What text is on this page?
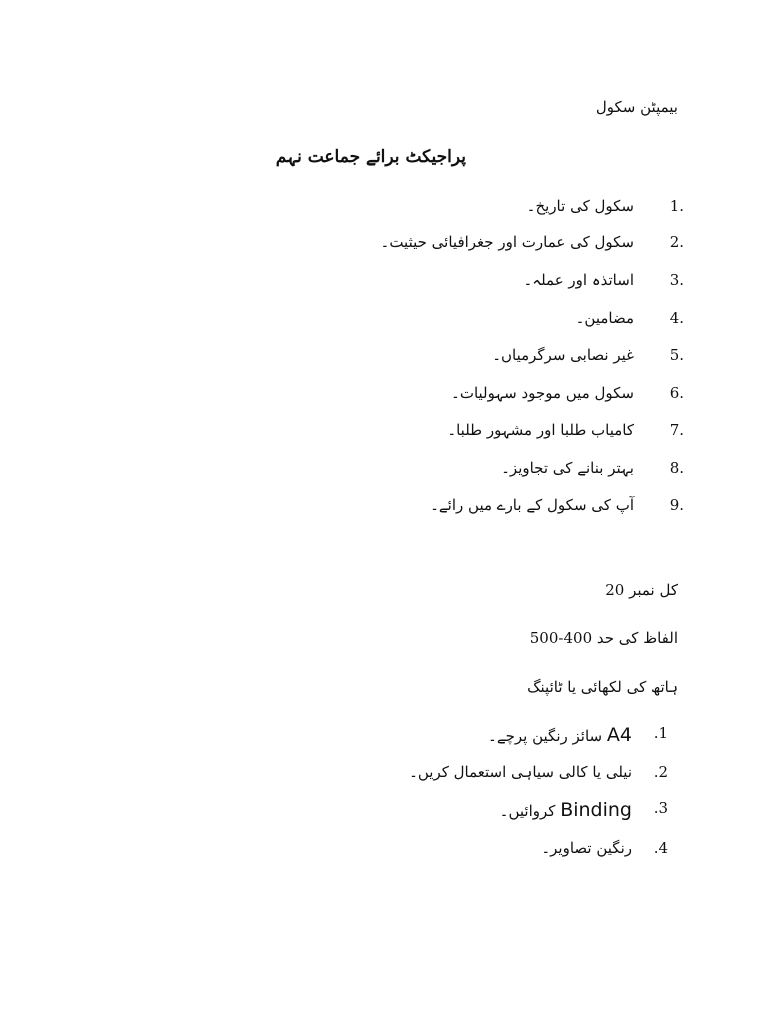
بیمپٹن سکول
پراجیکٹ برائے جماعت نہم
1.
سکول کی تاریخ۔
2.
سکول کی عمارت اور جغرافیائی حیثیت۔
3.
اساتذہ اور عملہ۔
4.
مضامین۔
5.
غیر نصابی سرگرمیاں۔
6.
سکول میں موجود سہولیات۔
7.
کامیاب طلبا اور مشہور طلبا۔
8.
بہتر بنانے کی تجاویز۔
9.
آپ کی سکول کے بارے میں رائے۔
کل نمبر 20
الفاظ کی حد 400-500
ہاتھ کی لکھائی یا ٹائپنگ
.1
A4 سائز رنگین پرچے۔
.2
نیلی یا کالی سیاہی استعمال کریں۔
.3
Binding کروائیں۔
.4
رنگین تصاویر۔
